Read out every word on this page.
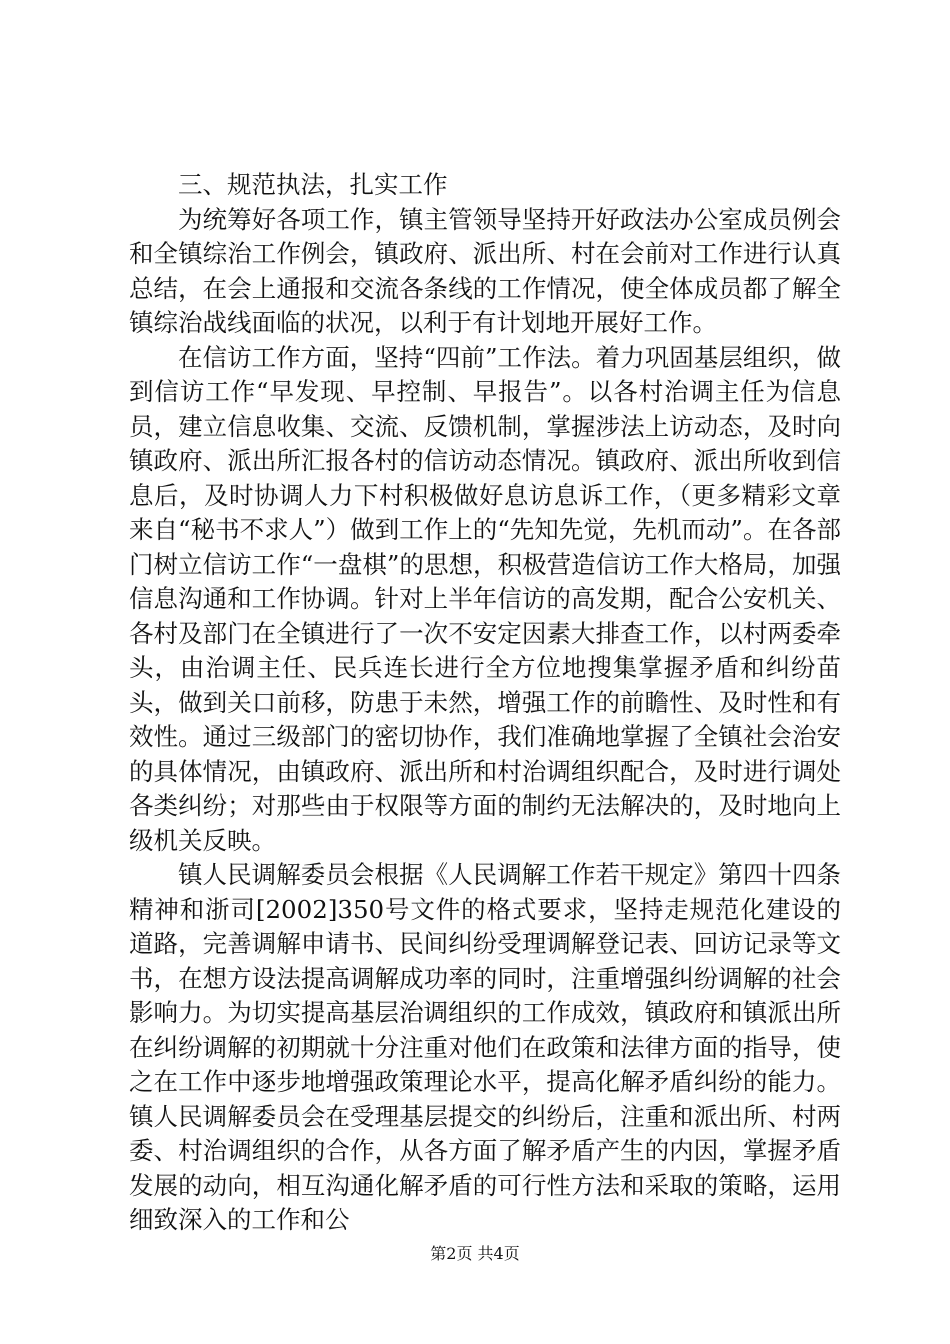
三、规范执法，扎实工作

为统筹好各项工作，镇主管领导坚持开好政法办公室成员例会和全镇综治工作例会，镇政府、派出所、村在会前对工作进行认真总结，在会上通报和交流各条线的工作情况，使全体成员都了解全镇综治战线面临的状况，以利于有计划地开展好工作。

在信访工作方面，坚持“四前”工作法。着力巩固基层组织，做到信访工作“早发现、早控制、早报告”。以各村治调主任为信息员，建立信息收集、交流、反馈机制，掌握涉法上访动态，及时向镇政府、派出所汇报各村的信访动态情况。镇政府、派出所收到信息后，及时协调人力下村积极做好息访息诉工作，（更多精彩文章来自“秘书不求人”）做到工作上的“先知先觉，先机而动”。在各部门树立信访工作“一盘棋”的思想，积极营造信访工作大格局，加强信息沟通和工作协调。针对上半年信访的高发期，配合公安机关、各村及部门在全镇进行了一次不安定因素大排查工作，以村两委牵头，由治调主任、民兵连长进行全方位地搜集掌握矛盾和纠纷苗头，做到关口前移，防患于未然，增强工作的前瞻性、及时性和有效性。通过三级部门的密切协作，我们准确地掌握了全镇社会治安的具体情况，由镇政府、派出所和村治调组织配合，及时进行调处各类纠纷；对那些由于权限等方面的制约无法解决的，及时地向上级机关反映。

镇人民调解委员会根据《人民调解工作若干规定》第四十四条精神和浙司[2002]350号文件的格式要求，坚持走规范化建设的道路，完善调解申请书、民间纠纷受理调解登记表、回访记录等文书，在想方设法提高调解成功率的同时，注重增强纠纷调解的社会影响力。为切实提高基层治调组织的工作成效，镇政府和镇派出所在纠纷调解的初期就十分注重对他们在政策和法律方面的指导，使之在工作中逐步地增强政策理论水平，提高化解矛盾纠纷的能力。镇人民调解委员会在受理基层提交的纠纷后，注重和派出所、村两委、村治调组织的合作，从各方面了解矛盾产生的内因，掌握矛盾发展的动向，相互沟通化解矛盾的可行性方法和采取的策略，运用细致深入的工作和公

第2页 共4页
